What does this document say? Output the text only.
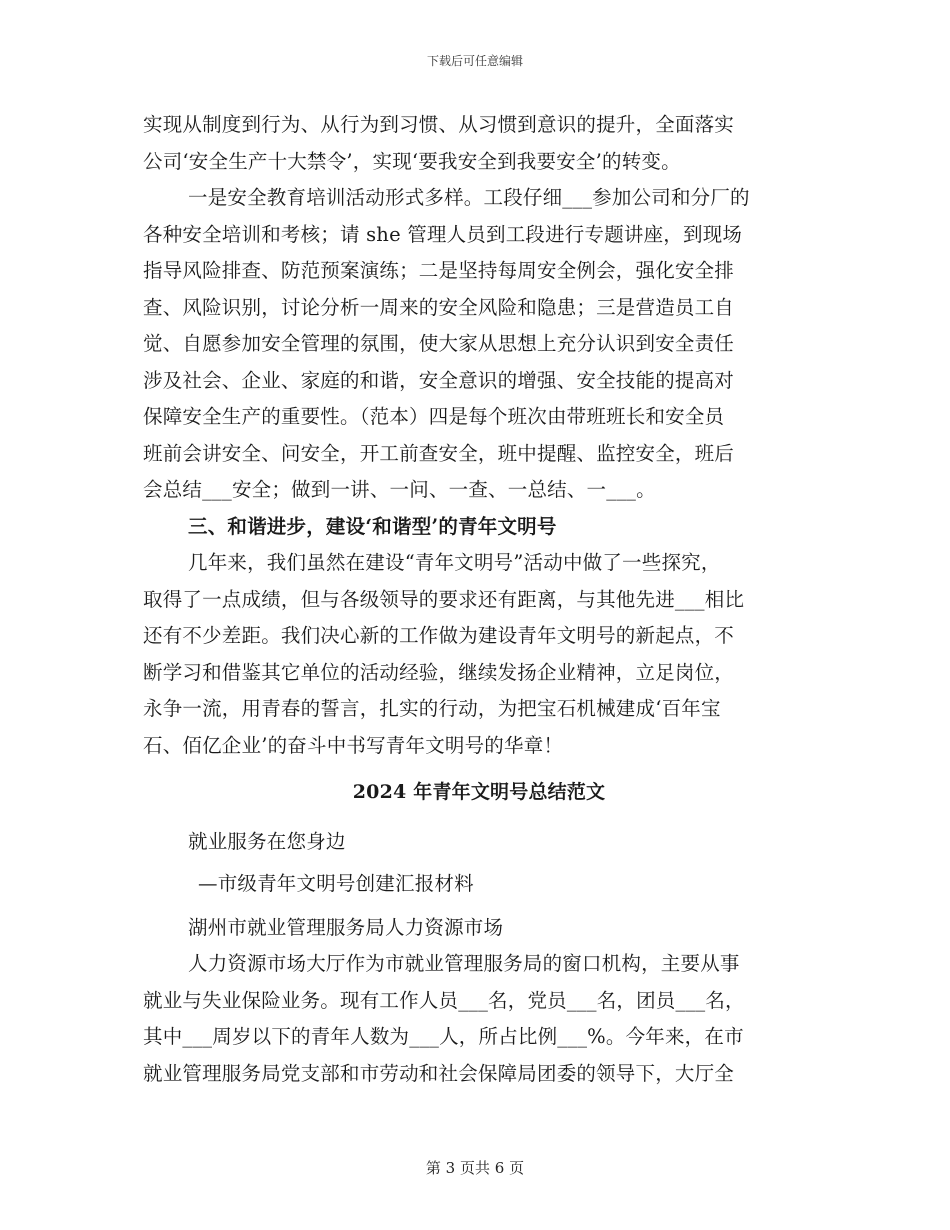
下载后可任意编辑
实现从制度到行为、从行为到习惯、从习惯到意识的提升，全面落实
公司‘安全生产十大禁令’，实现‘要我安全到我要安全’的转变。
一是安全教育培训活动形式多样。工段仔细___参加公司和分厂的
各种安全培训和考核；请 she 管理人员到工段进行专题讲座，到现场
指导风险排查、防范预案演练；二是坚持每周安全例会，强化安全排
查、风险识别，讨论分析一周来的安全风险和隐患；三是营造员工自
觉、自愿参加安全管理的氛围，使大家从思想上充分认识到安全责任
涉及社会、企业、家庭的和谐，安全意识的增强、安全技能的提高对
保障安全生产的重要性。（范本）四是每个班次由带班班长和安全员
班前会讲安全、问安全，开工前查安全，班中提醒、监控安全，班后
会总结___安全；做到一讲、一问、一查、一总结、一___。
三、和谐进步，建设‘和谐型’的青年文明号
几年来，我们虽然在建设“青年文明号”活动中做了一些探究，
取得了一点成绩，但与各级领导的要求还有距离，与其他先进___相比
还有不少差距。我们决心新的工作做为建设青年文明号的新起点，不
断学习和借鉴其它单位的活动经验，继续发扬企业精神，立足岗位，
永争一流，用青春的誓言，扎实的行动，为把宝石机械建成‘百年宝
石、佰亿企业’的奋斗中书写青年文明号的华章！
2024 年青年文明号总结范文
就业服务在您身边
—市级青年文明号创建汇报材料
湖州市就业管理服务局人力资源市场
人力资源市场大厅作为市就业管理服务局的窗口机构，主要从事
就业与失业保险业务。现有工作人员___名，党员___名，团员___名，
其中___周岁以下的青年人数为___人，所占比例___%。今年来，在市
就业管理服务局党支部和市劳动和社会保障局团委的领导下，大厅全
第 3 页共 6 页
